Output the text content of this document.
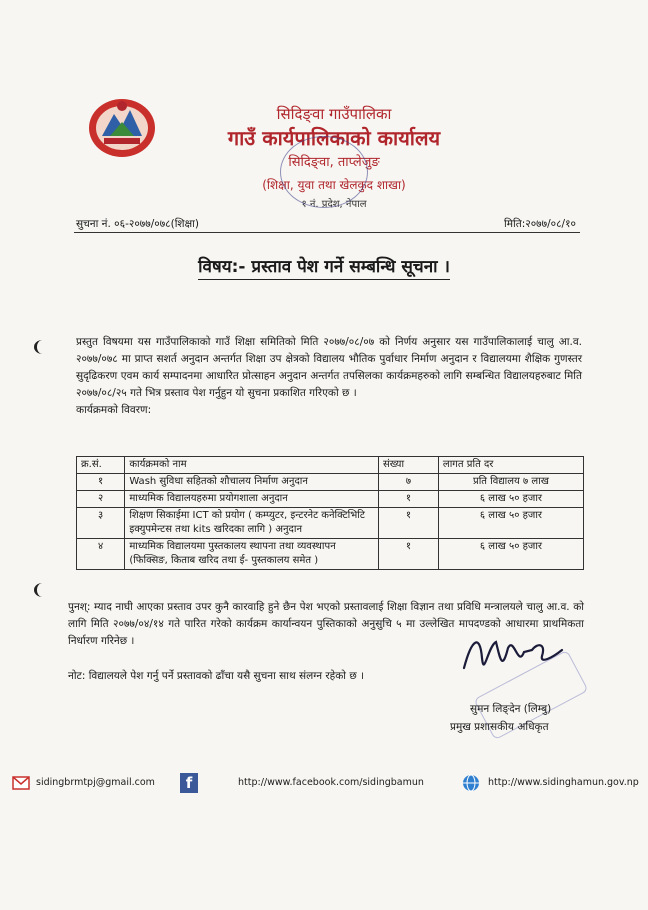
सिदिङ्वा गाउँपालिका
गाउँ कार्यपालिकाको कार्यालय
सिदिङ्वा, ताप्लेजुङ
(शिक्षा, युवा तथा खेलकुद शाखा)
१ नं. प्रदेश, नेपाल
सुचना नं. ०६-२०७७/०७८(शिक्षा)	मिति:२०७७/०८/१०
विषय:- प्रस्ताव पेश गर्ने सम्बन्धि सूचना ।
प्रस्तुत विषयमा यस गाउँपालिकाको गाउँ शिक्षा समितिको मिति २०७७/०८/०७ को निर्णय अनुसार यस गाउँपालिकालाई चालु आ.व. २०७७/०७८ मा प्राप्त सशर्त अनुदान अन्तर्गत शिक्षा उप क्षेत्रको विद्यालय भौतिक पुर्वाधार निर्माण अनुदान र विद्यालयमा शैक्षिक गुणस्तर सुदृढिकरण एवम कार्य सम्पादनमा आधारित प्रोत्साहन अनुदान अन्तर्गत तपसिलका कार्यक्रमहरुको लागि सम्बन्धित विद्यालयहरुबाट मिति २०७७/०८/२५ गते भित्र प्रस्ताव पेश गर्नुहुन यो सुचना प्रकाशित गरिएको छ ।
कार्यक्रमको विवरण:
क्र.सं.	कार्यक्रमको नाम	संख्या	लागत प्रति दर
१	Wash सुविधा सहितको शौचालय निर्माण अनुदान	७	प्रति विद्यालय ७ लाख
२	माध्यमिक विद्यालयहरुमा प्रयोगशाला अनुदान	१	६ लाख ५० हजार
३	शिक्षण सिकाईमा ICT को प्रयोग ( कम्प्युटर, इन्टरनेट कनेक्टिभिटि इक्युपमेन्टस तथा kits खरिदका लागि ) अनुदान	१	६ लाख ५० हजार
४	माध्यमिक विद्यालयमा पुस्तकालय स्थापना तथा व्यवस्थापन (फिक्सिङ, किताब खरिद तथा ई- पुस्तकालय समेत )	१	६ लाख ५० हजार
पुनश्: म्याद नाघी आएका प्रस्ताव उपर कुनै कारवाहि हुने छैन पेश भएको प्रस्तावलाई शिक्षा विज्ञान तथा प्रविधि मन्त्रालयले चालु आ.व. को लागि मिति २०७७/०४/१४ गते पारित गरेको कार्यक्रम कार्यान्वयन पुस्तिकाको अनुसुचि ५ मा उल्लेखित मापदण्डको आधारमा प्राथमिकता निर्धारण गरिनेछ ।
नोट: विद्यालयले पेश गर्नु पर्ने प्रस्तावको ढाँचा यसै सुचना साथ संलग्न रहेको छ ।
सुमन लिङ्देन (लिम्बु)
प्रमुख प्रशासकीय अधिकृत
sidingbrmtpj@gmail.com	f	http://www.facebook.com/sidingbamun	http://www.sidinghamun.gov.np
